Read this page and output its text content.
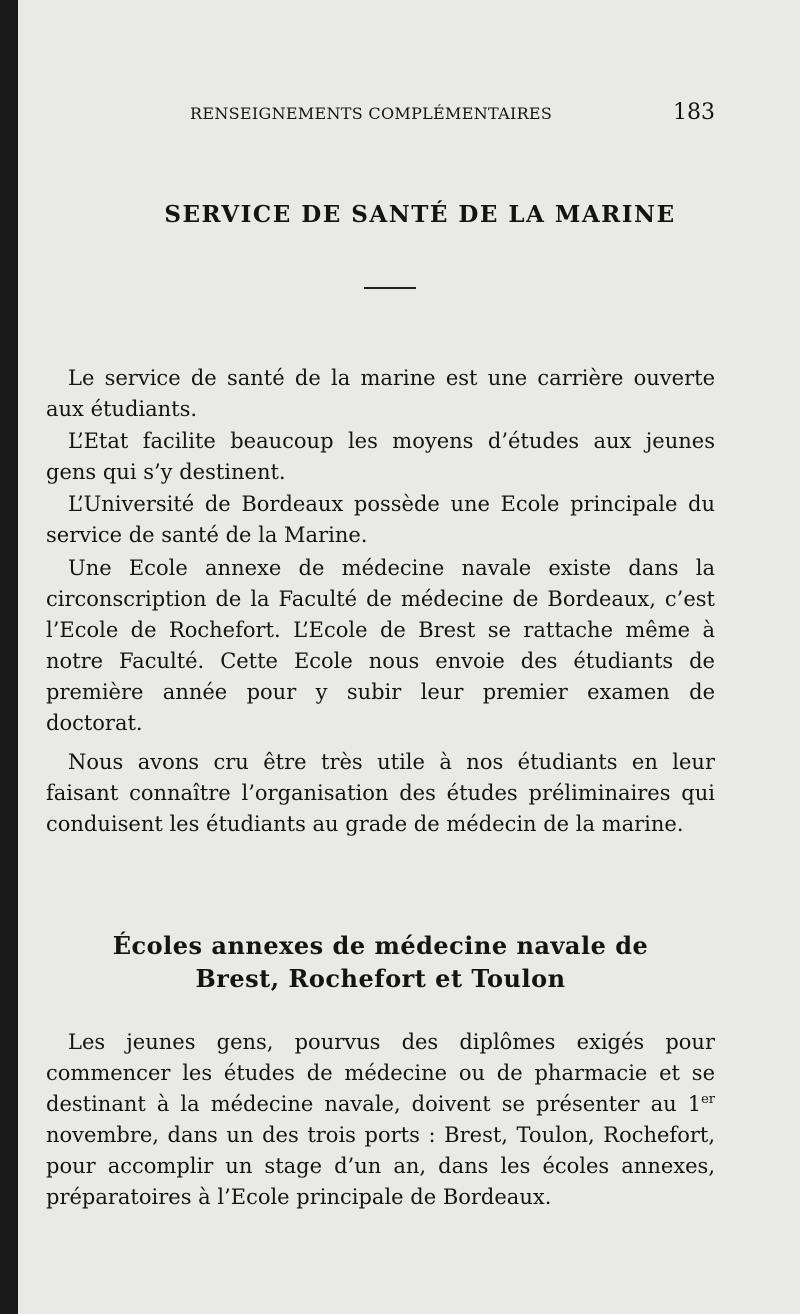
RENSEIGNEMENTS COMPLÉMENTAIRES	183
SERVICE DE SANTÉ DE LA MARINE

Le service de santé de la marine est une carrière ouverte aux étudiants.

L’Etat facilite beaucoup les moyens d’études aux jeunes gens qui s’y destinent.

L’Université de Bordeaux possède une Ecole principale du service de santé de la Marine.

Une Ecole annexe de médecine navale existe dans la circonscription de la Faculté de médecine de Bordeaux, c’est l’Ecole de Rochefort. L’Ecole de Brest se rattache même à notre Faculté. Cette Ecole nous envoie des étudiants de première année pour y subir leur premier examen de doctorat.

Nous avons cru être très utile à nos étudiants en leur faisant connaître l’organisation des études préliminaires qui conduisent les étudiants au grade de médecin de la marine.

Écoles annexes de médecine navale de
Brest, Rochefort et Toulon

Les jeunes gens, pourvus des diplômes exigés pour commencer les études de médecine ou de pharmacie et se destinant à la médecine navale, doivent se présenter au 1er novembre, dans un des trois ports : Brest, Toulon, Rochefort, pour accomplir un stage d’un an, dans les écoles annexes, préparatoires à l’Ecole principale de Bordeaux.
